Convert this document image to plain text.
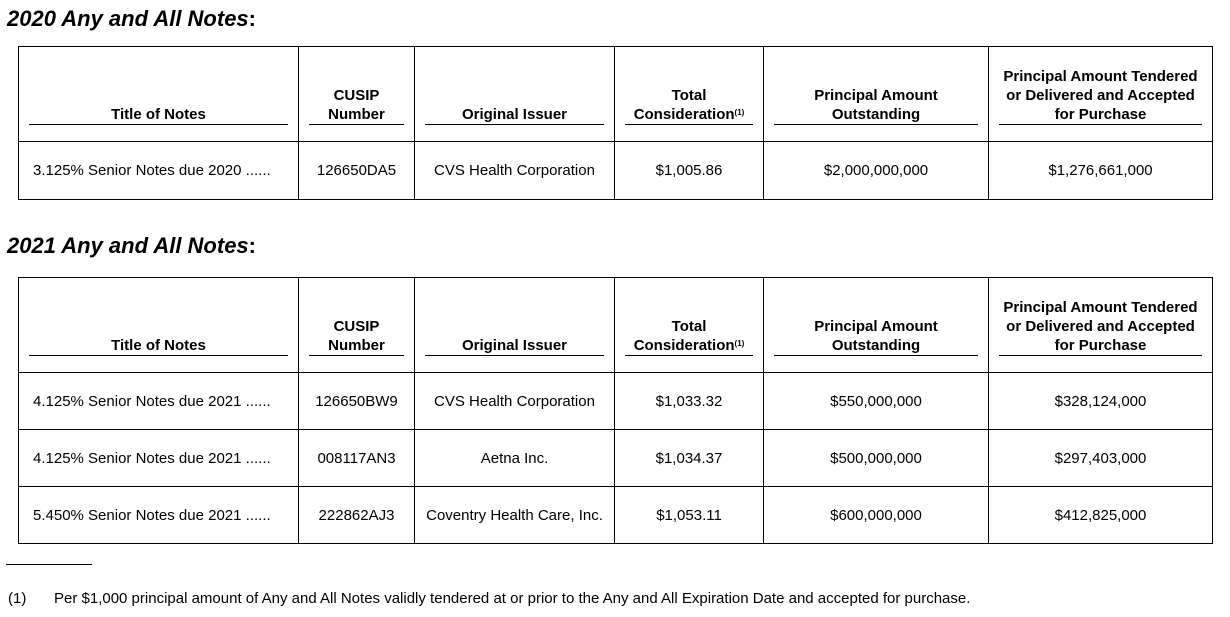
2020 Any and All Notes:
Title of Notes	CUSIP Number	Original Issuer	Total Consideration$^{(1)}$	Principal Amount Outstanding	Principal Amount Tendered or Delivered and Accepted for Purchase

3.125% Senior Notes due 2020 ......	126650DA5	CVS Health Corporation	$1,005.86	$2,000,000,000	$1,276,661,000
2021 Any and All Notes:
Title of Notes	CUSIP Number	Original Issuer	Total Consideration$^{(1)}$	Principal Amount Outstanding	Principal Amount Tendered or Delivered and Accepted for Purchase

4.125% Senior Notes due 2021 ......	126650BW9	CVS Health Corporation	$1,033.32	$550,000,000	$328,124,000
4.125% Senior Notes due 2021 ......	008117AN3	Aetna Inc.	$1,034.37	$500,000,000	$297,403,000
5.450% Senior Notes due 2021 ......	222862AJ3	Coventry Health Care, Inc.	$1,053.11	$600,000,000	$412,825,000
(1) Per $1,000 principal amount of Any and All Notes validly tendered at or prior to the Any and All Expiration Date and accepted for purchase.
